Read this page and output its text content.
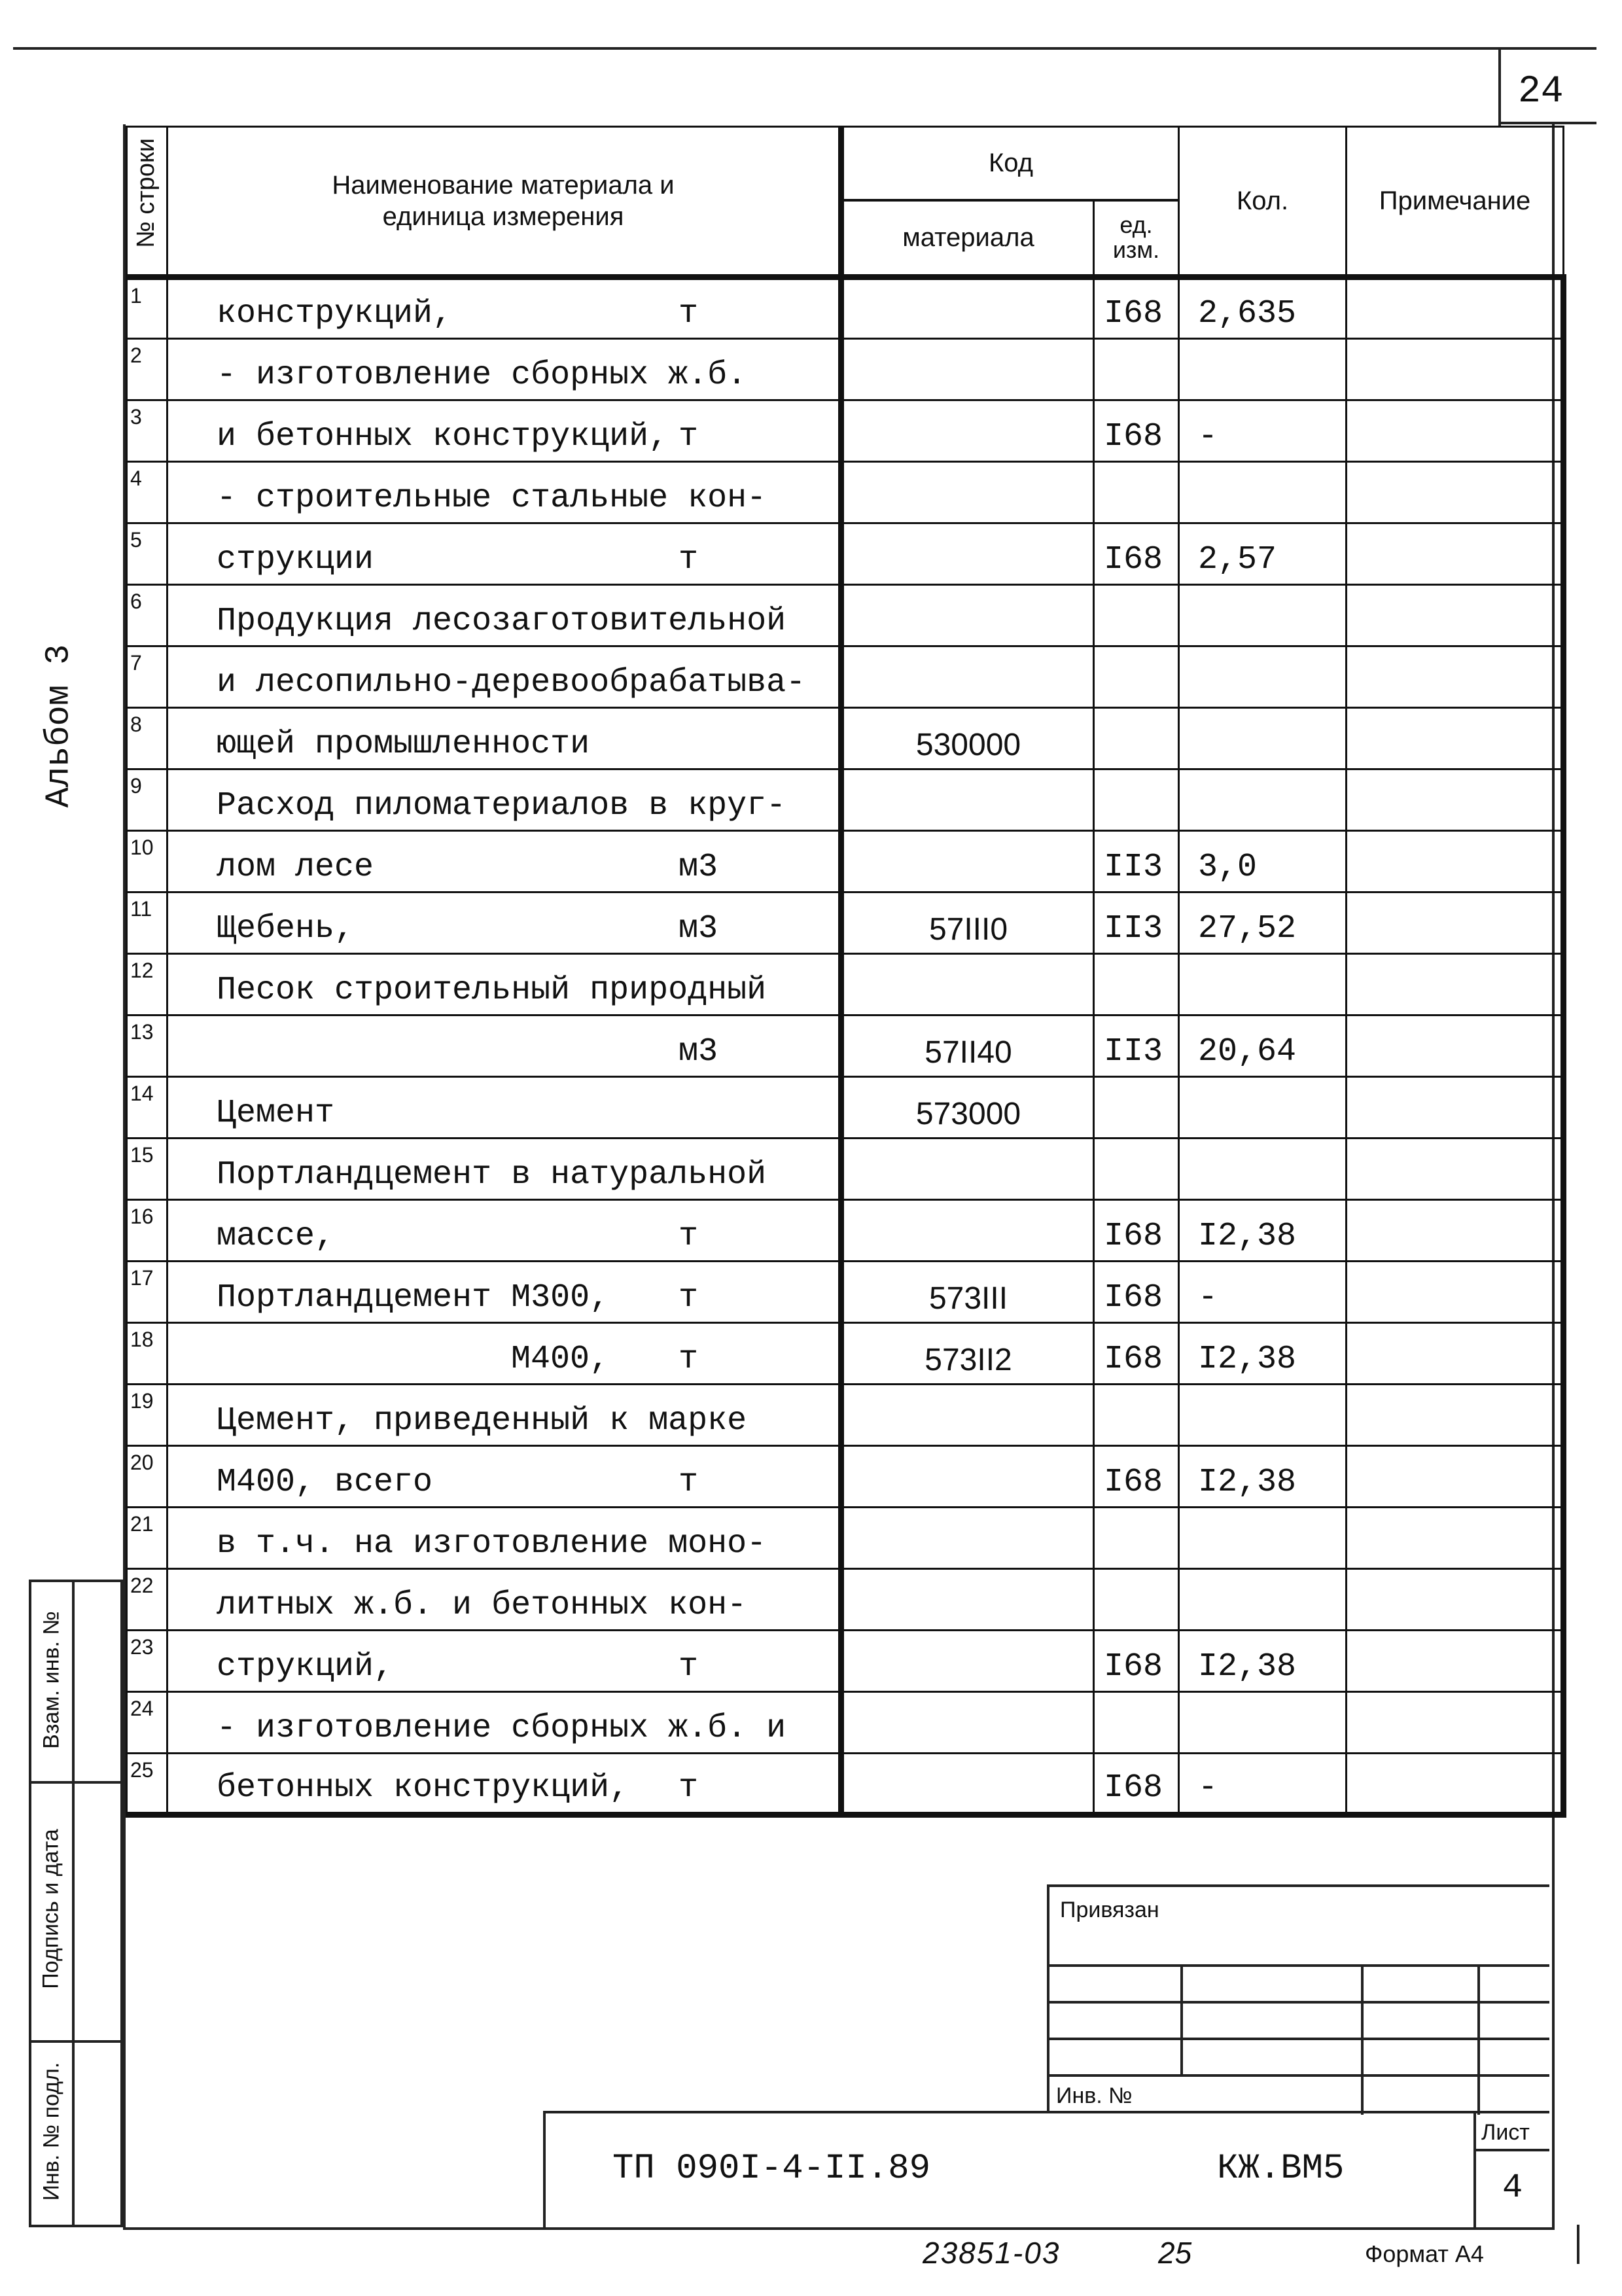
24
Альбом 3
№ строки	Наименование материала и единица измерения	Код		Кол.	Примечание
		материала	ед. изм.		

1	конструкций, т		I68	2,635	
2	- изготовление сборных ж.б.

3	и бетонных конструкций, т		I68	-	
4	- строительные стальные кон-

5	струкции т		I68	2,57	
6	Продукция лесозаготовительной

7	и лесопильно-деревообрабатыва-

8	ющей промышленности	530000			
9	Расход пиломатериалов в круг-

10	лом лесе м3		II3	3,0	
11	Щебень, м3	57III0	II3	27,52	
12	Песок строительный природный

13	м3	57II40	II3	20,64	
14	Цемент	573000			
15	Портландцемент в натуральной

16	массе, т		I68	I2,38	
17	Портландцемент М300, т	573III	I68	-	
18	М400, т	573II2	I68	I2,38	
19	Цемент, приведенный к марке

20	М400, всего т		I68	I2,38	
21	в т.ч. на изготовление моно-

22	литных ж.б. и бетонных кон-

23	струкций, т		I68	I2,38	
24	- изготовление сборных ж.б. и

25	бетонных конструкций, т		I68	-	
Взам. инв. №
Подпись и дата
Инв. № подл.
Привязан
Инв. №
ТП 090I-4-II.89	КЖ.ВМ5
Лист
4
23851-03	25	Формат А4
